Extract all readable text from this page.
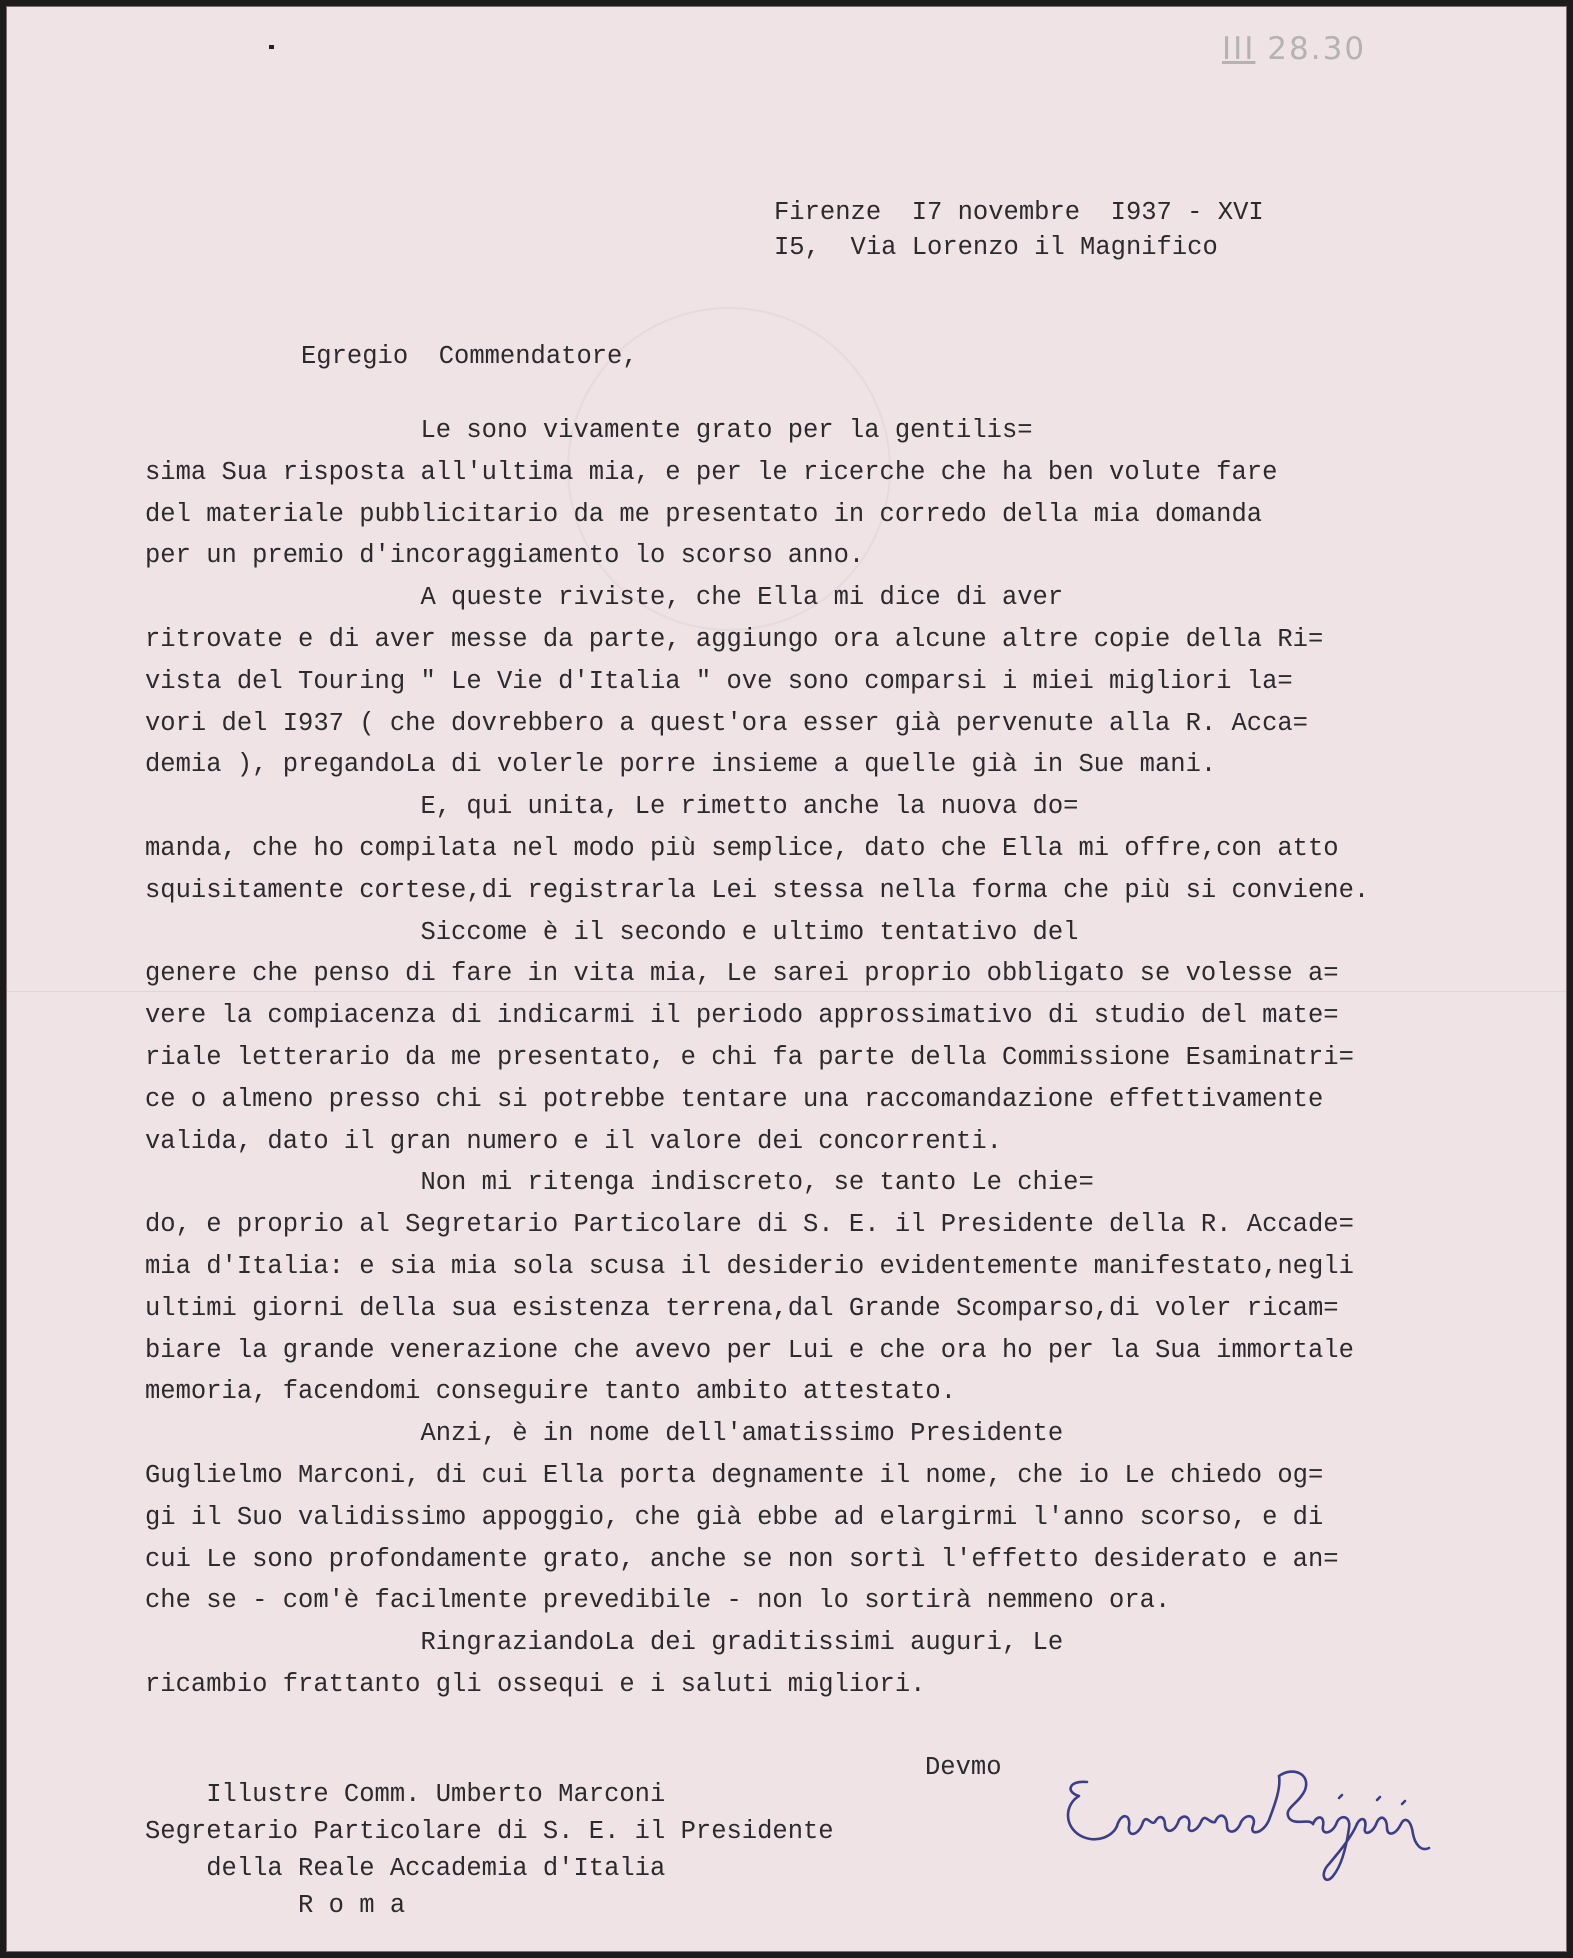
III 28.30
Firenze  I7 novembre  I937 - XVI
I5,  Via Lorenzo il Magnifico
Egregio  Commendatore,
Le sono vivamente grato per la gentilis=
sima Sua risposta all'ultima mia, e per le ricerche che ha ben volute fare
del materiale pubblicitario da me presentato in corredo della mia domanda
per un premio d'incoraggiamento lo scorso anno.
A queste riviste, che Ella mi dice di aver
ritrovate e di aver messe da parte, aggiungo ora alcune altre copie della Ri=
vista del Touring " Le Vie d'Italia " ove sono comparsi i miei migliori la=
vori del I937 ( che dovrebbero a quest'ora esser già pervenute alla R. Acca=
demia ), pregandoLa di volerle porre insieme a quelle già in Sue mani.
E, qui unita, Le rimetto anche la nuova do=
manda, che ho compilata nel modo più semplice, dato che Ella mi offre,con atto
squisitamente cortese,di registrarla Lei stessa nella forma che più si conviene.
Siccome è il secondo e ultimo tentativo del
genere che penso di fare in vita mia, Le sarei proprio obbligato se volesse a=
vere la compiacenza di indicarmi il periodo approssimativo di studio del mate=
riale letterario da me presentato, e chi fa parte della Commissione Esaminatri=
ce o almeno presso chi si potrebbe tentare una raccomandazione effettivamente
valida, dato il gran numero e il valore dei concorrenti.
Non mi ritenga indiscreto, se tanto Le chie=
do, e proprio al Segretario Particolare di S. E. il Presidente della R. Accade=
mia d'Italia: e sia mia sola scusa il desiderio evidentemente manifestato,negli
ultimi giorni della sua esistenza terrena,dal Grande Scomparso,di voler ricam=
biare la grande venerazione che avevo per Lui e che ora ho per la Sua immortale
memoria, facendomi conseguire tanto ambito attestato.
Anzi, è in nome dell'amatissimo Presidente
Guglielmo Marconi, di cui Ella porta degnamente il nome, che io Le chiedo og=
gi il Suo validissimo appoggio, che già ebbe ad elargirmi l'anno scorso, e di
cui Le sono profondamente grato, anche se non sortì l'effetto desiderato e an=
che se - com'è facilmente prevedibile - non lo sortirà nemmeno ora.
RingraziandoLa dei graditissimi auguri, Le
ricambio frattanto gli ossequi e i saluti migliori.
Devmo
Illustre Comm. Umberto Marconi
Segretario Particolare di S. E. il Presidente
della Reale Accademia d'Italia
R o m a
